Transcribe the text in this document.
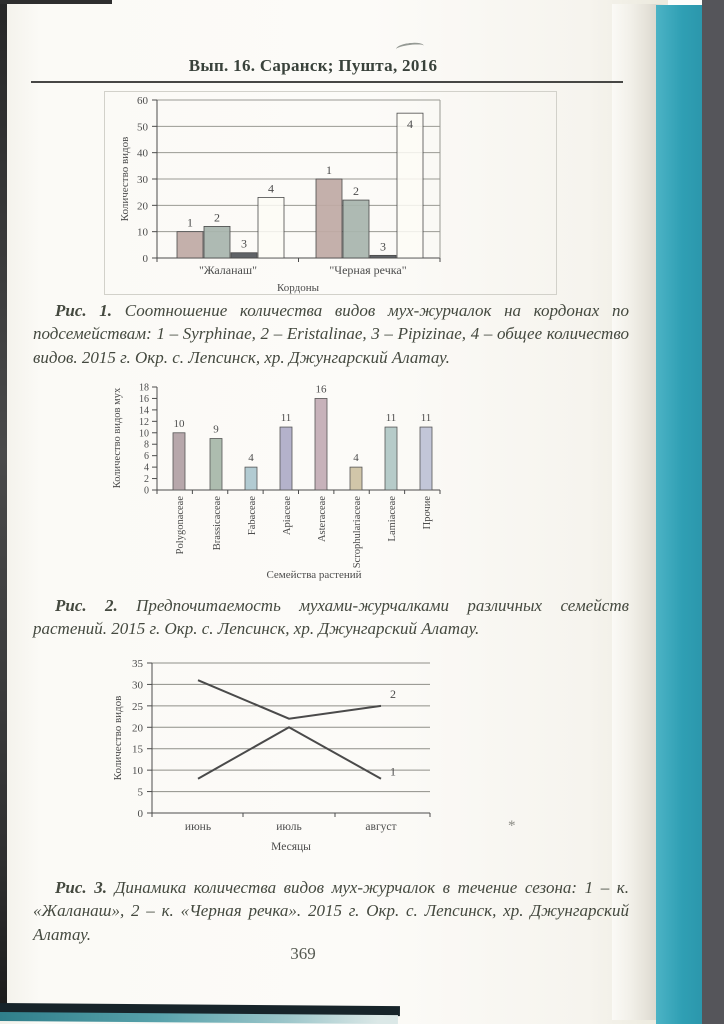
*
Вып. 16. Саранск; Пушта, 2016
0
10
20
30
40
50
60
1
1
2
2
3	3
4
4
"Жаланаш"	"Черная речка"
Кордоны
Количество видов
Рис. 1. Соотношение количества видов мух-журчалок на кордонах по подсемействам: 1 – Syrphinae, 2 – Eristalinae, 3 – Pipizinae, 4 – общее количество видов. 2015 г. Окр. с. Лепсинск, хр. Джунгарский Алатау.
0
2
4
6
8
10
12
14
16
18
10
Polygonaceae
9
Brassicaceae
4
Fabaceae
11
Apiaceae
16
Asteraceae
4
Scrophulariaceae
11
Lamiaceae
11
Прочие
Семейства растений
Количество видов мух
Рис. 2. Предпочитаемость мухами-журчалками различных семейств растений. 2015 г. Окр. с. Лепсинск, хр. Джунгарский Алатау.
0
5
10
15
20
25
30
35
1
2
июнь	июль	август
Месяцы
Количество видов
Рис. 3. Динамика количества видов мух-журчалок в течение сезона: 1 – к. «Жаланаш», 2 – к. «Черная речка». 2015 г. Окр. с. Лепсинск, хр. Джунгарский Алатау.
369
